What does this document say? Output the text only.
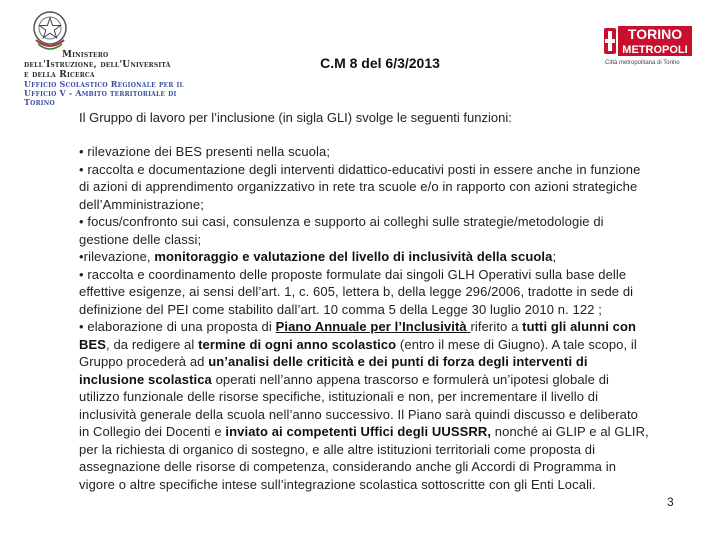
Ministero
dell'Istruzione, dell'Università
e della Ricerca
Ufficio Scolastico Regionale per il
Ufficio V - Ambito territoriale di Torino
C.M 8 del 6/3/2013
TORINO
METROPOLI
Città metropolitana di Torino
Il Gruppo di lavoro per l’inclusione (in sigla GLI) svolge le seguenti funzioni:

• rilevazione dei BES presenti nella scuola;

• raccolta e documentazione degli interventi didattico-educativi posti in essere anche in funzione di azioni di apprendimento organizzativo in rete tra scuole e/o in rapporto con azioni strategiche dell’Amministrazione;

• focus/confronto sui casi, consulenza e supporto ai colleghi sulle strategie/metodologie di gestione delle classi;

•rilevazione, monitoraggio e valutazione del livello di inclusività della scuola;

• raccolta e coordinamento delle proposte formulate dai singoli GLH Operativi sulla base delle effettive esigenze, ai sensi dell’art. 1, c. 605, lettera b, della legge 296/2006, tradotte in sede di definizione del PEI come stabilito dall’art. 10 comma 5 della Legge 30 luglio 2010 n. 122 ;

• elaborazione di una proposta di Piano Annuale per l’Inclusività riferito a tutti gli alunni con BES, da redigere al termine di ogni anno scolastico (entro il mese di Giugno). A tale scopo, il Gruppo procederà ad un’analisi delle criticità e dei punti di forza degli interventi di inclusione scolastica operati nell’anno appena trascorso e formulerà un’ipotesi globale di utilizzo funzionale delle risorse specifiche, istituzionali e non, per incrementare il livello di inclusività generale della scuola nell’anno successivo. Il Piano sarà quindi discusso e deliberato in Collegio dei Docenti e inviato ai competenti Uffici degli UUSSRR, nonché ai GLIP e al GLIR, per la richiesta di organico di sostegno, e alle altre istituzioni territoriali come proposta di assegnazione delle risorse di competenza, considerando anche gli Accordi di Programma in vigore o altre specifiche intese sull’integrazione scolastica sottoscritte con gli Enti Locali.

3
